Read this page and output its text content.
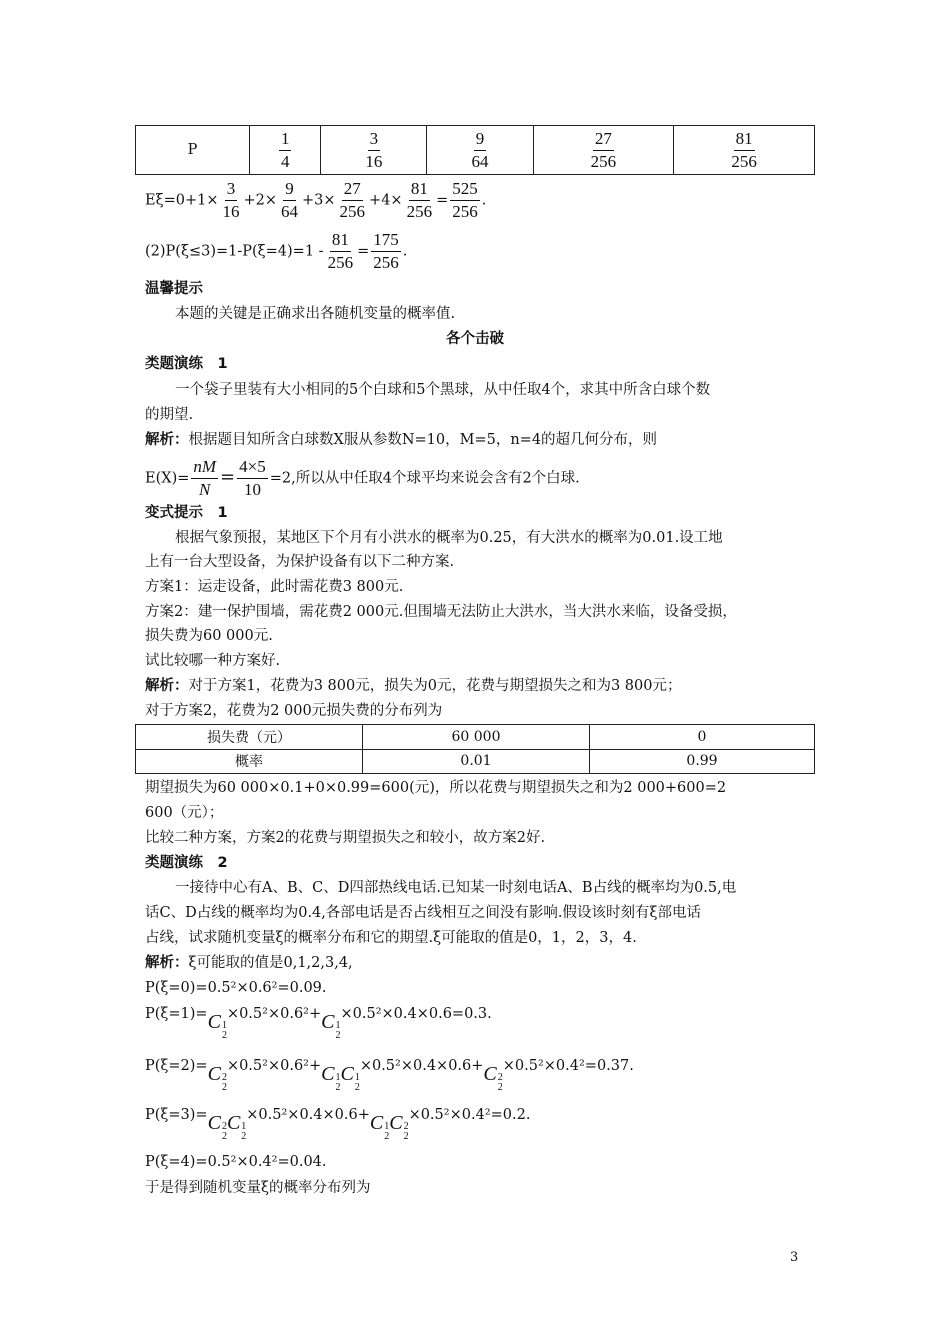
P	$\frac{1}{4}$	$\frac{3}{16}$	$\frac{9}{64}$	$\frac{27}{256}$	$\frac{81}{256}$
$E\xi=0+1\times \frac{3}{16} +2\times \frac{9}{64} +3\times \frac{27}{256} +4\times \frac{81}{256} = \frac{525}{256}$ .
$(2)P(\xi\le 3)=1-P(\xi=4)=1 - \frac{81}{256} = \frac{175}{256}$ .
温馨提示
本题的关键是正确求出各随机变量的概率值.
各个击破
类题演练　1
一个袋子里装有大小相同的5个白球和5个黑球，从中任取4个，求其中所含白球个数
的期望.
解析：根据题目知所含白球数X服从参数N=10，M=5，n=4的超几何分布，则
$E(X)= \frac{nM}{N} = \frac{4\times 5}{10} =2$,所以从中任取4个球平均来说会含有2个白球.
变式提示　1
根据气象预报，某地区下个月有小洪水的概率为0.25，有大洪水的概率为0.01.设工地
上有一台大型设备，为保护设备有以下二种方案.
方案1：运走设备，此时需花费3 800元.
方案2：建一保护围墙，需花费2 000元.但围墙无法防止大洪水，当大洪水来临，设备受损，
损失费为60 000元.
试比较哪一种方案好.
解析：对于方案1，花费为3 800元，损失为0元，花费与期望损失之和为3 800元；
对于方案2，花费为2 000元损失费的分布列为
损失费（元）	60 000	0
概率	0.01	0.99
期望损失为60 000×0.1+0×0.99=600(元)，所以花费与期望损失之和为2 000+600=2
600（元）；
比较二种方案，方案2的花费与期望损失之和较小，故方案2好.
类题演练　2
一接待中心有A、B、C、D四部热线电话.已知某一时刻电话A、B占线的概率均为0.5,电
话C、D占线的概率均为0.4,各部电话是否占线相互之间没有影响.假设该时刻有ξ部电话
占线，试求随机变量ξ的概率分布和它的期望.ξ可能取的值是0，1，2，3，4.
解析：ξ可能取的值是0,1,2,3,4,
P(ξ=0)=0.5²×0.6²=0.09.
P(ξ=1)= C 1
2
×0.5²×0.6²+ C 1
2
×0.5²×0.4×0.6=0.3.
P(ξ=2)= C 2
2
×0.5²×0.6²+ C 1
2
C 1
2
×0.5²×0.4×0.6+ C 2
2
×0.5²×0.4²=0.37.
P(ξ=3)= C 2
2
C 1
2
×0.5²×0.4×0.6+ C 1
2
C 2
2
×0.5²×0.4²=0.2.
P(ξ=4)=0.5²×0.4²=0.04.
于是得到随机变量ξ的概率分布列为
3
